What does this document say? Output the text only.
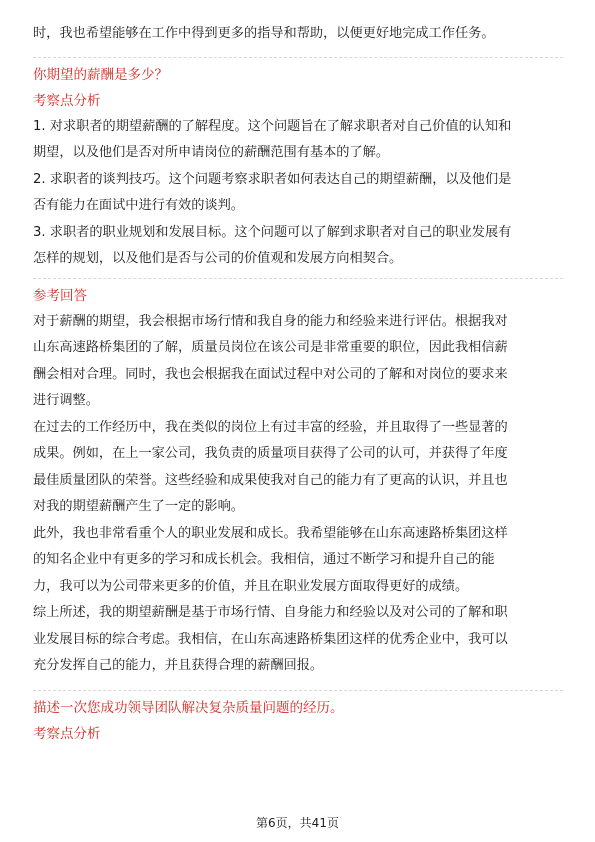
时，我也希望能够在工作中得到更多的指导和帮助，以便更好地完成工作任务。

你期望的薪酬是多少？

考察点分析

1. 对求职者的期望薪酬的了解程度。这个问题旨在了解求职者对自己价值的认知和

期望，以及他们是否对所申请岗位的薪酬范围有基本的了解。

2. 求职者的谈判技巧。这个问题考察求职者如何表达自己的期望薪酬，以及他们是

否有能力在面试中进行有效的谈判。

3. 求职者的职业规划和发展目标。这个问题可以了解到求职者对自己的职业发展有

怎样的规划，以及他们是否与公司的价值观和发展方向相契合。

参考回答

对于薪酬的期望，我会根据市场行情和我自身的能力和经验来进行评估。根据我对

山东高速路桥集团的了解，质量员岗位在该公司是非常重要的职位，因此我相信薪

酬会相对合理。同时，我也会根据我在面试过程中对公司的了解和对岗位的要求来

进行调整。

在过去的工作经历中，我在类似的岗位上有过丰富的经验，并且取得了一些显著的

成果。例如，在上一家公司，我负责的质量项目获得了公司的认可，并获得了年度

最佳质量团队的荣誉。这些经验和成果使我对自己的能力有了更高的认识，并且也

对我的期望薪酬产生了一定的影响。

此外，我也非常看重个人的职业发展和成长。我希望能够在山东高速路桥集团这样

的知名企业中有更多的学习和成长机会。我相信，通过不断学习和提升自己的能

力，我可以为公司带来更多的价值，并且在职业发展方面取得更好的成绩。

综上所述，我的期望薪酬是基于市场行情、自身能力和经验以及对公司的了解和职

业发展目标的综合考虑。我相信，在山东高速路桥集团这样的优秀企业中，我可以

充分发挥自己的能力，并且获得合理的薪酬回报。

描述一次您成功领导团队解决复杂质量问题的经历。

考察点分析

第6页，共41页
